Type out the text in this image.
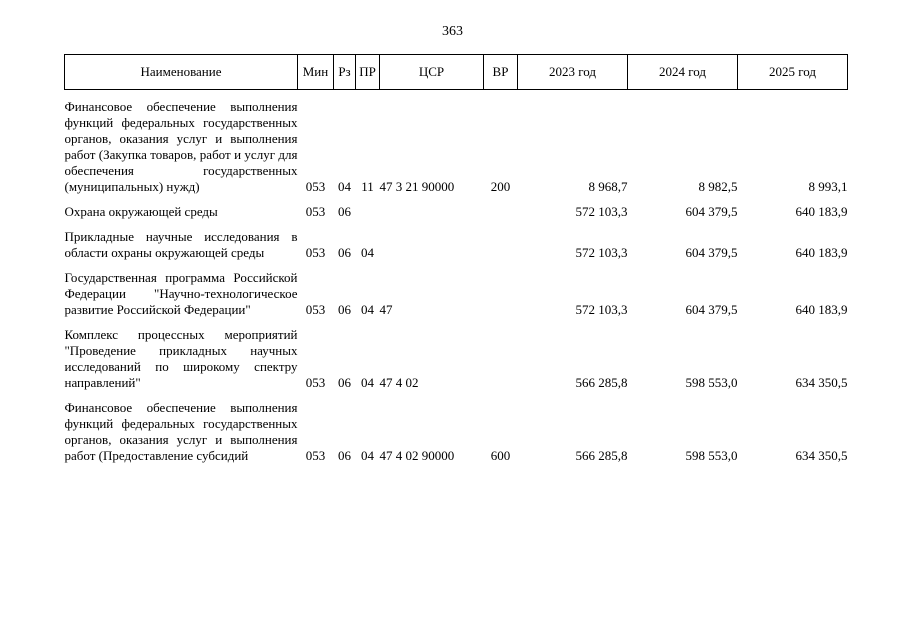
363
Наименование	Мин	Рз	ПР	ЦСР	ВР	2023 год	2024 год	2025 год

Финансовое обеспечение выполнения функций федеральных государственных органов, оказания услуг и выполнения работ (Закупка товаров, работ и услуг для обеспечения государственных (муниципальных) нужд)	053	04	11	47 3 21 90000	200	8 968,7	8 982,5	8 993,1

Охрана окружающей среды	053	06				572 103,3	604 379,5	640 183,9

Прикладные научные исследования в области охраны окружающей среды	053	06	04			572 103,3	604 379,5	640 183,9

Государственная программа Российской Федерации "Научно-технологическое развитие Российской Федерации"	053	06	04	47		572 103,3	604 379,5	640 183,9

Комплекс процессных мероприятий "Проведение прикладных научных исследований по широкому спектру направлений"	053	06	04	47 4 02		566 285,8	598 553,0	634 350,5

Финансовое обеспечение выполнения функций федеральных государственных органов, оказания услуг и выполнения работ (Предоставление субсидий	053	06	04	47 4 02 90000	600	566 285,8	598 553,0	634 350,5
